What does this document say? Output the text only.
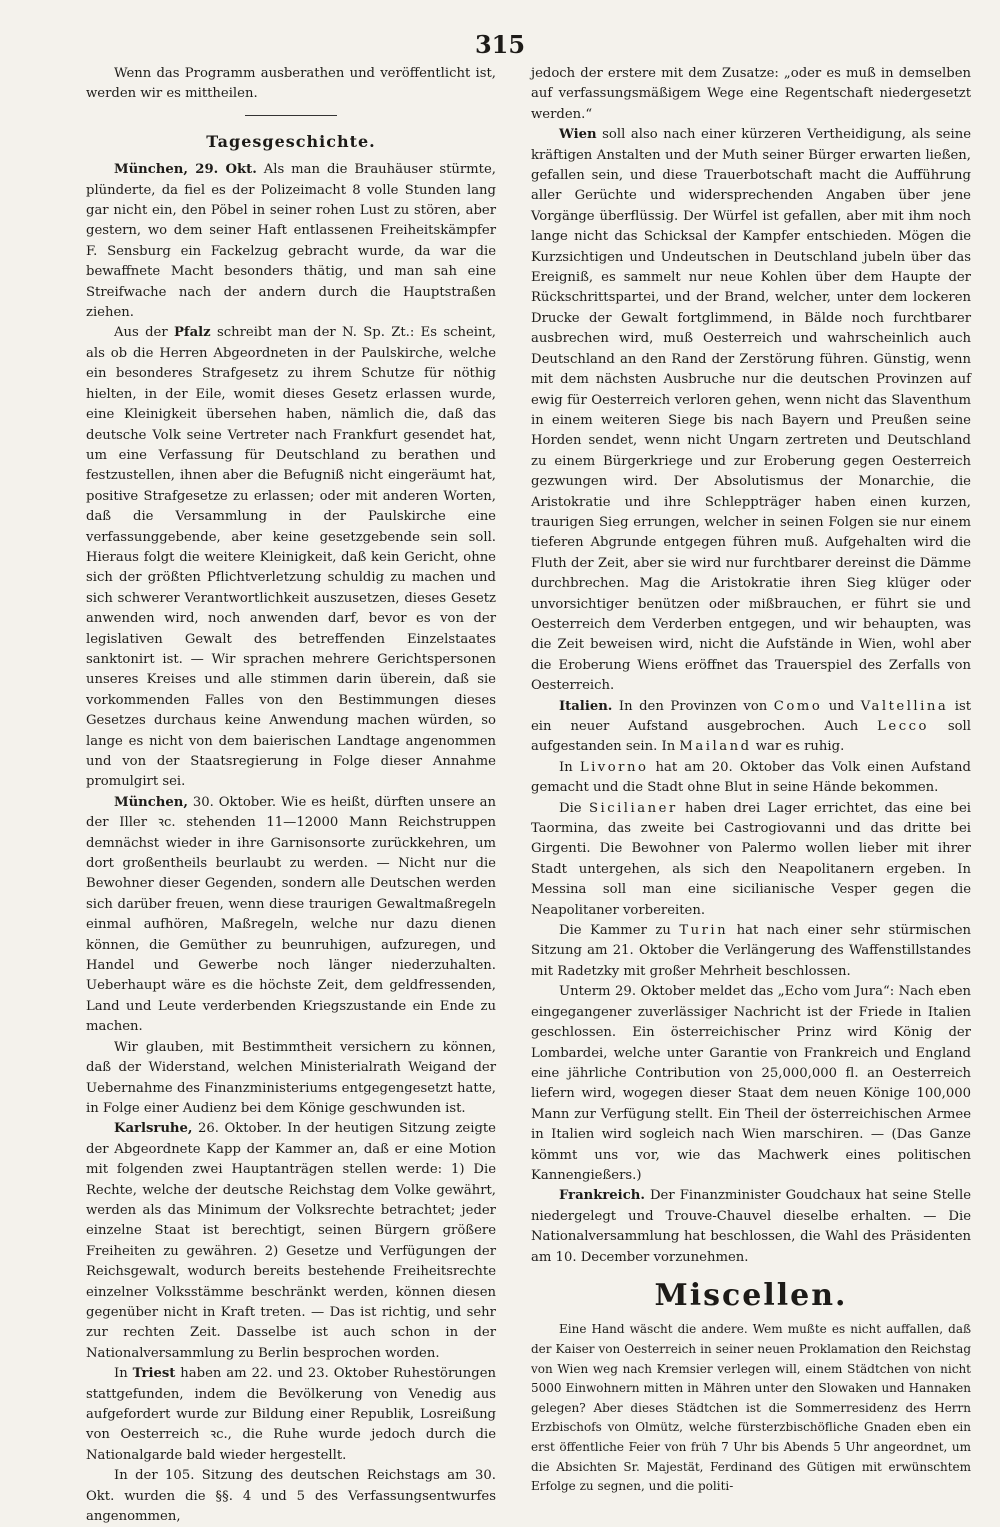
315

Wenn das Programm ausberathen und veröffentlicht ist, werden wir es mittheilen.

Tagesgeschichte.

München, 29. Okt. Als man die Brauhäuser stürmte, plünderte, da fiel es der Polizeimacht 8 volle Stunden lang gar nicht ein, den Pöbel in seiner rohen Lust zu stören, aber gestern, wo dem seiner Haft entlassenen Freiheitskämpfer F. Sensburg ein Fackelzug gebracht wurde, da war die bewaffnete Macht besonders thätig, und man sah eine Streifwache nach der andern durch die Hauptstraßen ziehen.

Aus der Pfalz schreibt man der N. Sp. Zt.: Es scheint, als ob die Herren Abgeordneten in der Paulskirche, welche ein besonderes Strafgesetz zu ihrem Schutze für nöthig hielten, in der Eile, womit dieses Gesetz erlassen wurde, eine Kleinigkeit übersehen haben, nämlich die, daß das deutsche Volk seine Vertreter nach Frankfurt gesendet hat, um eine Verfassung für Deutschland zu berathen und festzustellen, ihnen aber die Befugniß nicht eingeräumt hat, positive Strafgesetze zu erlassen; oder mit anderen Worten, daß die Versammlung in der Paulskirche eine verfassunggebende, aber keine gesetzgebende sein soll. Hieraus folgt die weitere Kleinigkeit, daß kein Gericht, ohne sich der größten Pflichtverletzung schuldig zu machen und sich schwerer Verantwortlichkeit auszusetzen, dieses Gesetz anwenden wird, noch anwenden darf, bevor es von der legislativen Gewalt des betreffenden Einzelstaates sanktonirt ist. — Wir sprachen mehrere Gerichtspersonen unseres Kreises und alle stimmen darin überein, daß sie vorkommenden Falles von den Bestimmungen dieses Gesetzes durchaus keine Anwendung machen würden, so lange es nicht von dem baierischen Landtage angenommen und von der Staatsregierung in Folge dieser Annahme promulgirt sei.

München, 30. Oktober. Wie es heißt, dürften unsere an der Iller ꝛc. stehenden 11—12000 Mann Reichstruppen demnächst wieder in ihre Garnisonsorte zurückkehren, um dort großentheils beurlaubt zu werden. — Nicht nur die Bewohner dieser Gegenden, sondern alle Deutschen werden sich darüber freuen, wenn diese traurigen Gewaltmaßregeln einmal aufhören, Maßregeln, welche nur dazu dienen können, die Gemüther zu beunruhigen, aufzuregen, und Handel und Gewerbe noch länger niederzuhalten. Ueberhaupt wäre es die höchste Zeit, dem geldfressenden, Land und Leute verderbenden Kriegszustande ein Ende zu machen.

Wir glauben, mit Bestimmtheit versichern zu können, daß der Widerstand, welchen Ministerialrath Weigand der Uebernahme des Finanzministeriums entgegengesetzt hatte, in Folge einer Audienz bei dem Könige geschwunden ist.

Karlsruhe, 26. Oktober. In der heutigen Sitzung zeigte der Abgeordnete Kapp der Kammer an, daß er eine Motion mit folgenden zwei Hauptanträgen stellen werde: 1) Die Rechte, welche der deutsche Reichstag dem Volke gewährt, werden als das Minimum der Volksrechte betrachtet; jeder einzelne Staat ist berechtigt, seinen Bürgern größere Freiheiten zu gewähren. 2) Gesetze und Verfügungen der Reichsgewalt, wodurch bereits bestehende Freiheitsrechte einzelner Volksstämme beschränkt werden, können diesen gegenüber nicht in Kraft treten. — Das ist richtig, und sehr zur rechten Zeit. Dasselbe ist auch schon in der Nationalversammlung zu Berlin besprochen worden.

In Triest haben am 22. und 23. Oktober Ruhestörungen stattgefunden, indem die Bevölkerung von Venedig aus aufgefordert wurde zur Bildung einer Republik, Losreißung von Oesterreich ꝛc., die Ruhe wurde jedoch durch die Nationalgarde bald wieder hergestellt.

In der 105. Sitzung des deutschen Reichstags am 30. Okt. wurden die §§. 4 und 5 des Verfassungsentwurfes angenommen,

jedoch der erstere mit dem Zusatze: „oder es muß in demselben auf verfassungsmäßigem Wege eine Regentschaft niedergesetzt werden.“

Wien soll also nach einer kürzeren Vertheidigung, als seine kräftigen Anstalten und der Muth seiner Bürger erwarten ließen, gefallen sein, und diese Trauerbotschaft macht die Aufführung aller Gerüchte und widersprechenden Angaben über jene Vorgänge überflüssig. Der Würfel ist gefallen, aber mit ihm noch lange nicht das Schicksal der Kampfer entschieden. Mögen die Kurzsichtigen und Undeutschen in Deutschland jubeln über das Ereigniß, es sammelt nur neue Kohlen über dem Haupte der Rückschrittspartei, und der Brand, welcher, unter dem lockeren Drucke der Gewalt fortglimmend, in Bälde noch furchtbarer ausbrechen wird, muß Oesterreich und wahrscheinlich auch Deutschland an den Rand der Zerstörung führen. Günstig, wenn mit dem nächsten Ausbruche nur die deutschen Provinzen auf ewig für Oesterreich verloren gehen, wenn nicht das Slaventhum in einem weiteren Siege bis nach Bayern und Preußen seine Horden sendet, wenn nicht Ungarn zertreten und Deutschland zu einem Bürgerkriege und zur Eroberung gegen Oesterreich gezwungen wird. Der Absolutismus der Monarchie, die Aristokratie und ihre Schleppträger haben einen kurzen, traurigen Sieg errungen, welcher in seinen Folgen sie nur einem tieferen Abgrunde entgegen führen muß. Aufgehalten wird die Fluth der Zeit, aber sie wird nur furchtbarer dereinst die Dämme durchbrechen. Mag die Aristokratie ihren Sieg klüger oder unvorsichtiger benützen oder mißbrauchen, er führt sie und Oesterreich dem Verderben entgegen, und wir behaupten, was die Zeit beweisen wird, nicht die Aufstände in Wien, wohl aber die Eroberung Wiens eröffnet das Trauerspiel des Zerfalls von Oesterreich.

Italien. In den Provinzen von Como und Valtellina ist ein neuer Aufstand ausgebrochen. Auch Lecco soll aufgestanden sein. In Mailand war es ruhig.

In Livorno hat am 20. Oktober das Volk einen Aufstand gemacht und die Stadt ohne Blut in seine Hände bekommen.

Die Sicilianer haben drei Lager errichtet, das eine bei Taormina, das zweite bei Castrogiovanni und das dritte bei Girgenti. Die Bewohner von Palermo wollen lieber mit ihrer Stadt untergehen, als sich den Neapolitanern ergeben. In Messina soll man eine sicilianische Vesper gegen die Neapolitaner vorbereiten.

Die Kammer zu Turin hat nach einer sehr stürmischen Sitzung am 21. Oktober die Verlängerung des Waffenstillstandes mit Radetzky mit großer Mehrheit beschlossen.

Unterm 29. Oktober meldet das „Echo vom Jura“: Nach eben eingegangener zuverlässiger Nachricht ist der Friede in Italien geschlossen. Ein österreichischer Prinz wird König der Lombardei, welche unter Garantie von Frankreich und England eine jährliche Contribution von 25,000,000 fl. an Oesterreich liefern wird, wogegen dieser Staat dem neuen Könige 100,000 Mann zur Verfügung stellt. Ein Theil der österreichischen Armee in Italien wird sogleich nach Wien marschiren. — (Das Ganze kömmt uns vor, wie das Machwerk eines politischen Kannengießers.)

Frankreich. Der Finanzminister Goudchaux hat seine Stelle niedergelegt und Trouve-Chauvel dieselbe erhalten. — Die Nationalversammlung hat beschlossen, die Wahl des Präsidenten am 10. December vorzunehmen.

Miscellen.

Eine Hand wäscht die andere. Wem mußte es nicht auffallen, daß der Kaiser von Oesterreich in seiner neuen Proklamation den Reichstag von Wien weg nach Kremsier verlegen will, einem Städtchen von nicht 5000 Einwohnern mitten in Mähren unter den Slowaken und Hannaken gelegen? Aber dieses Städtchen ist die Sommerresidenz des Herrn Erzbischofs von Olmütz, welche fürsterzbischöfliche Gnaden eben ein erst öffentliche Feier von früh 7 Uhr bis Abends 5 Uhr angeordnet, um die Absichten Sr. Majestät, Ferdinand des Gütigen mit erwünschtem Erfolge zu segnen, und die politi-
